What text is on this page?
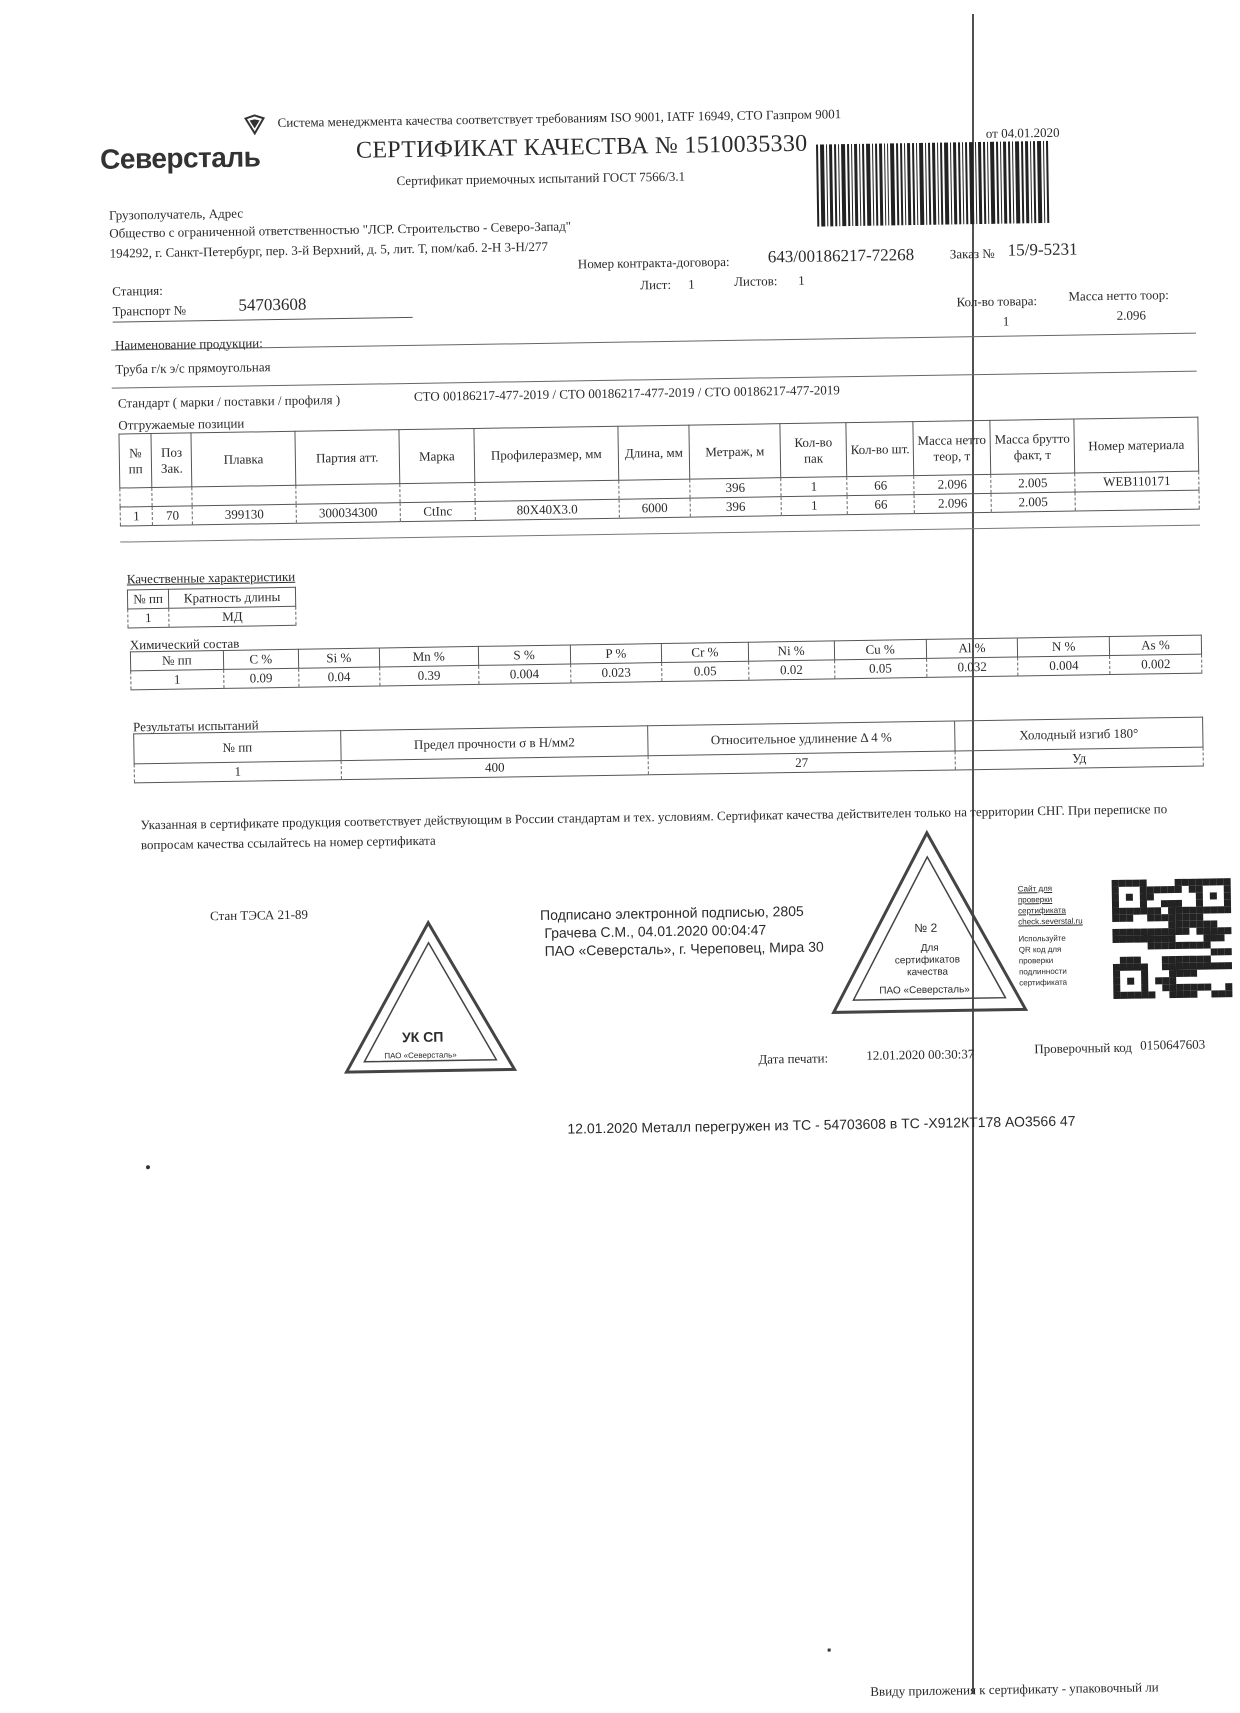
Система менеджмента качества соответствует требованиям ISO 9001, IATF 16949, СТО Газпром 9001
Северсталь	СЕРТИФИКАТ КАЧЕСТВА № 1510035330
Сертификат приемочных испытаний ГОСТ 7566/3.1
от 04.01.2020
Грузополучатель, Адрес
Общество с ограниченной ответственностью "ЛСР. Строительство - Северо-Запад"
194292, г. Санкт-Петербург, пер. 3-й Верхний, д. 5, лит. Т, пом/каб. 2-Н 3-Н/277
Номер контракта-договора: 643/00186217-72268	Заказ № 15/9-5231
Станция:	Лист: 1	Листов: 1
Транспорт №	54703608	Кол-во товара: Масса нетто тоор:
1	2.096
Наименование продукции:
Труба г/к э/с прямоугольная
Стандарт ( марки / поставки / профиля )	СТО 00186217-477-2019 / СТО 00186217-477-2019 / СТО 00186217-477-2019
Отгружаемые позиции
№ пп	Поз Зак.	Плавка	Партия атт.	Марка	Профилеразмер, мм	Длина, мм	Метраж, м	Кол-во пак	Кол-во шт.	Масса нетто теор, т	Масса брутто факт, т	Номер материала
							396	1	66	2.096	2.005	WEB110171
1	70	399130	300034300	CtInc	80X40X3.0	6000	396	1	66	2.096	2.005	
Качественные характеристики
№ пп	Кратность длины
1	МД
Химический состав
№ пп	C %	Si %	Mn %	S %	P %	Cr %	Ni %	Cu %	Al %	N %	As %
1	0.09	0.04	0.39	0.004	0.023	0.05	0.02	0.05	0.032	0.004	0.002
Результаты испытаний
№ пп	Предел прочности σ в Н/мм2	Относительное удлинение Δ 4 %	Холодный изгиб 180°
1	400	27	Уд
Указанная в сертификате продукция соответствует действующим в России стандартам и тех. условиям. Сертификат качества действителен только на территории СНГ. При переписке по вопросам качества ссылайтесь на номер сертификата
Стан ТЭСА 21-89	Подписано электронной подписью, 2805
Грачева С.М., 04.01.2020 00:04:47
ПАО «Северсталь», г. Череповец, Мира 30
УК СП
ПАО «Северсталь»
№ 2
Для
сертификатов
качества
ПАО «Северсталь»
Сайт для
проверки
сертификата
check.severstal.ru
Используйте
QR код для
проверки
подлинности
сертификата
Дата печати:	12.01.2020 00:30:37	Проверочный код 0150647603
12.01.2020 Металл перегружен из ТС - 54703608 в ТС -Х912КТ178 АО3566 47
Ввиду приложения к сертификату - упаковочный ли
